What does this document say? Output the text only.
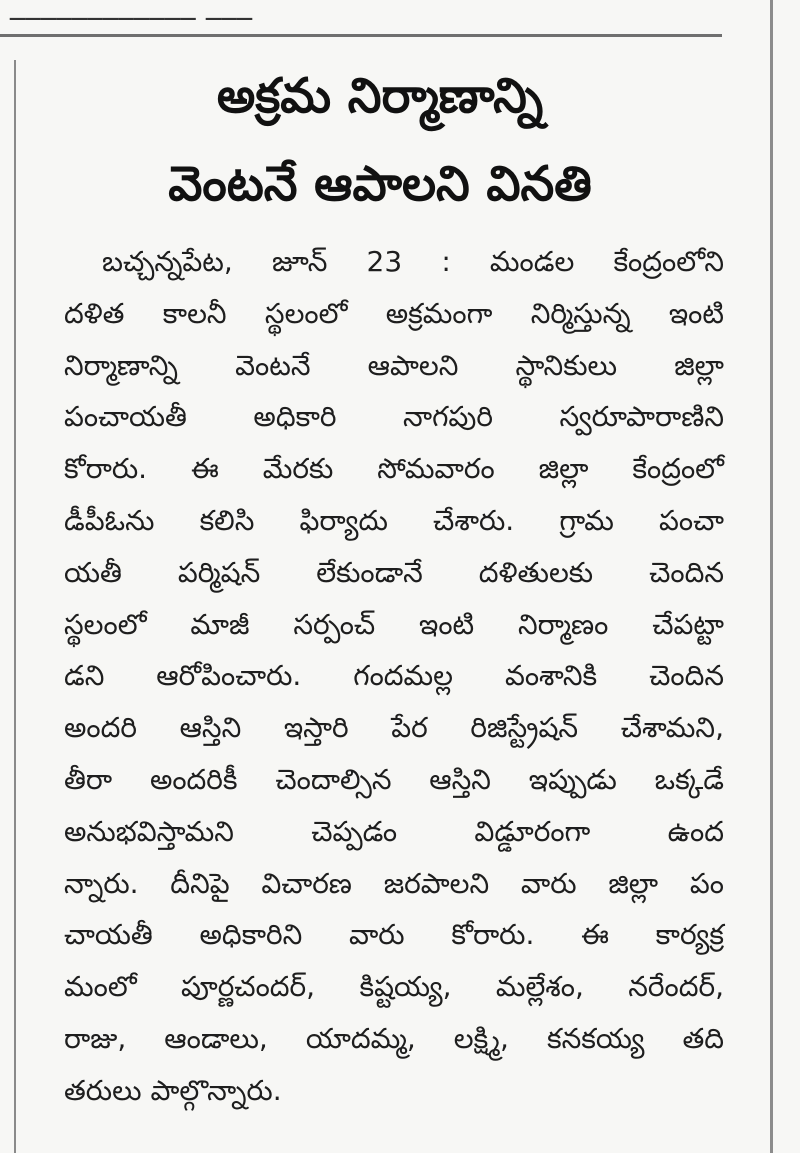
____________ ___
అక్రమ నిర్మాణాన్ని
వెంటనే ఆపాలని వినతి
బచ్చన్నపేట, జూన్ 23 : మండల కేంద్రంలోని
దళిత కాలనీ స్థలంలో అక్రమంగా నిర్మిస్తున్న ఇంటి
నిర్మాణాన్ని వెంటనే ఆపాలని స్థానికులు జిల్లా
పంచాయతీ అధికారి నాగపురి స్వరూపారాణిని
కోరారు. ఈ మేరకు సోమవారం జిల్లా కేంద్రంలో
డీపీఓను కలిసి ఫిర్యాదు చేశారు. గ్రామ పంచా
యతీ పర్మిషన్ లేకుండానే దళితులకు చెందిన
స్థలంలో మాజీ సర్పంచ్ ఇంటి నిర్మాణం చేపట్టా
డని ఆరోపించారు. గందమల్ల వంశానికి చెందిన
అందరి ఆస్తిని ఇస్తారి పేర రిజిస్ట్రేషన్ చేశామని,
తీరా అందరికీ చెందాల్సిన ఆస్తిని ఇప్పుడు ఒక్కడే
అనుభవిస్తామని చెప్పడం విడ్డూరంగా ఉంద
న్నారు. దీనిపై విచారణ జరపాలని వారు జిల్లా పం
చాయతీ అధికారిని వారు కోరారు. ఈ కార్యక్ర
మంలో పూర్ణచందర్, కిష్టయ్య, మల్లేశం, నరేందర్,
రాజు, ఆండాలు, యాదమ్మ, లక్ష్మి, కనకయ్య తది
తరులు పాల్గొన్నారు.
